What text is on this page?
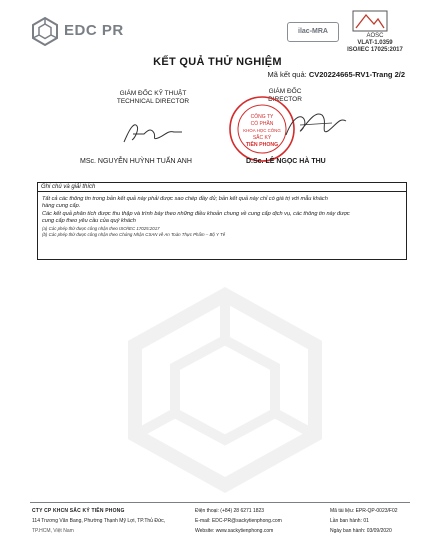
EDC PR	ilac-MRA
AOSC
VLAT-1.0359
ISO/IEC 17025:2017
KẾT QUẢ THỬ NGHIỆM
Mã kết quả: CV20224665-RV1-Trang 2/2
GIÁM ĐỐC KỸ THUẬT
TECHNICAL DIRECTOR
GIÁM ĐỐC
DIRECTOR
CÔNG TY
CỔ PHẦN
KHOA HỌC CÔNG
SẮC KÝ
TIÊN PHONG
MSc. NGUYỄN HUỲNH TUẤN ANH	D.Sc. LÊ NGỌC HÀ THU
Ghi chú và giải thích
Tất cả các thông tin trong bản kết quả này phải được sao chép đầy đủ; bản kết quả này chỉ có giá trị với mẫu khách
hàng cung cấp.
Các kết quả phân tích được thu thập và trình bày theo những điều khoản chung về cung cấp dịch vụ, các thông tin này được
cung cấp theo yêu cầu của quý khách
(a) Các phép thử được công nhận theo ISO/IEC 17025:2017
(b) Các phép thử được công nhận theo Chứng Nhận CSAN về An Toàn Thực Phẩm – Bộ Y Tế
CTY CP KHCN SẮC KÝ TIÊN PHONG
114 Trương Văn Bang, Phường Thạnh Mỹ Lợi, TP.Thủ Đức,
TP.HCM, Việt Nam
Điện thoại: (+84) 28 6271 1823
E-mail: EDC-PR@sackytienphong.com
Website: www.sackytienphong.com
Mã tài liệu: EPR-QP-0023/F02
Lần ban hành: 01
Ngày ban hành: 03/09/2020
